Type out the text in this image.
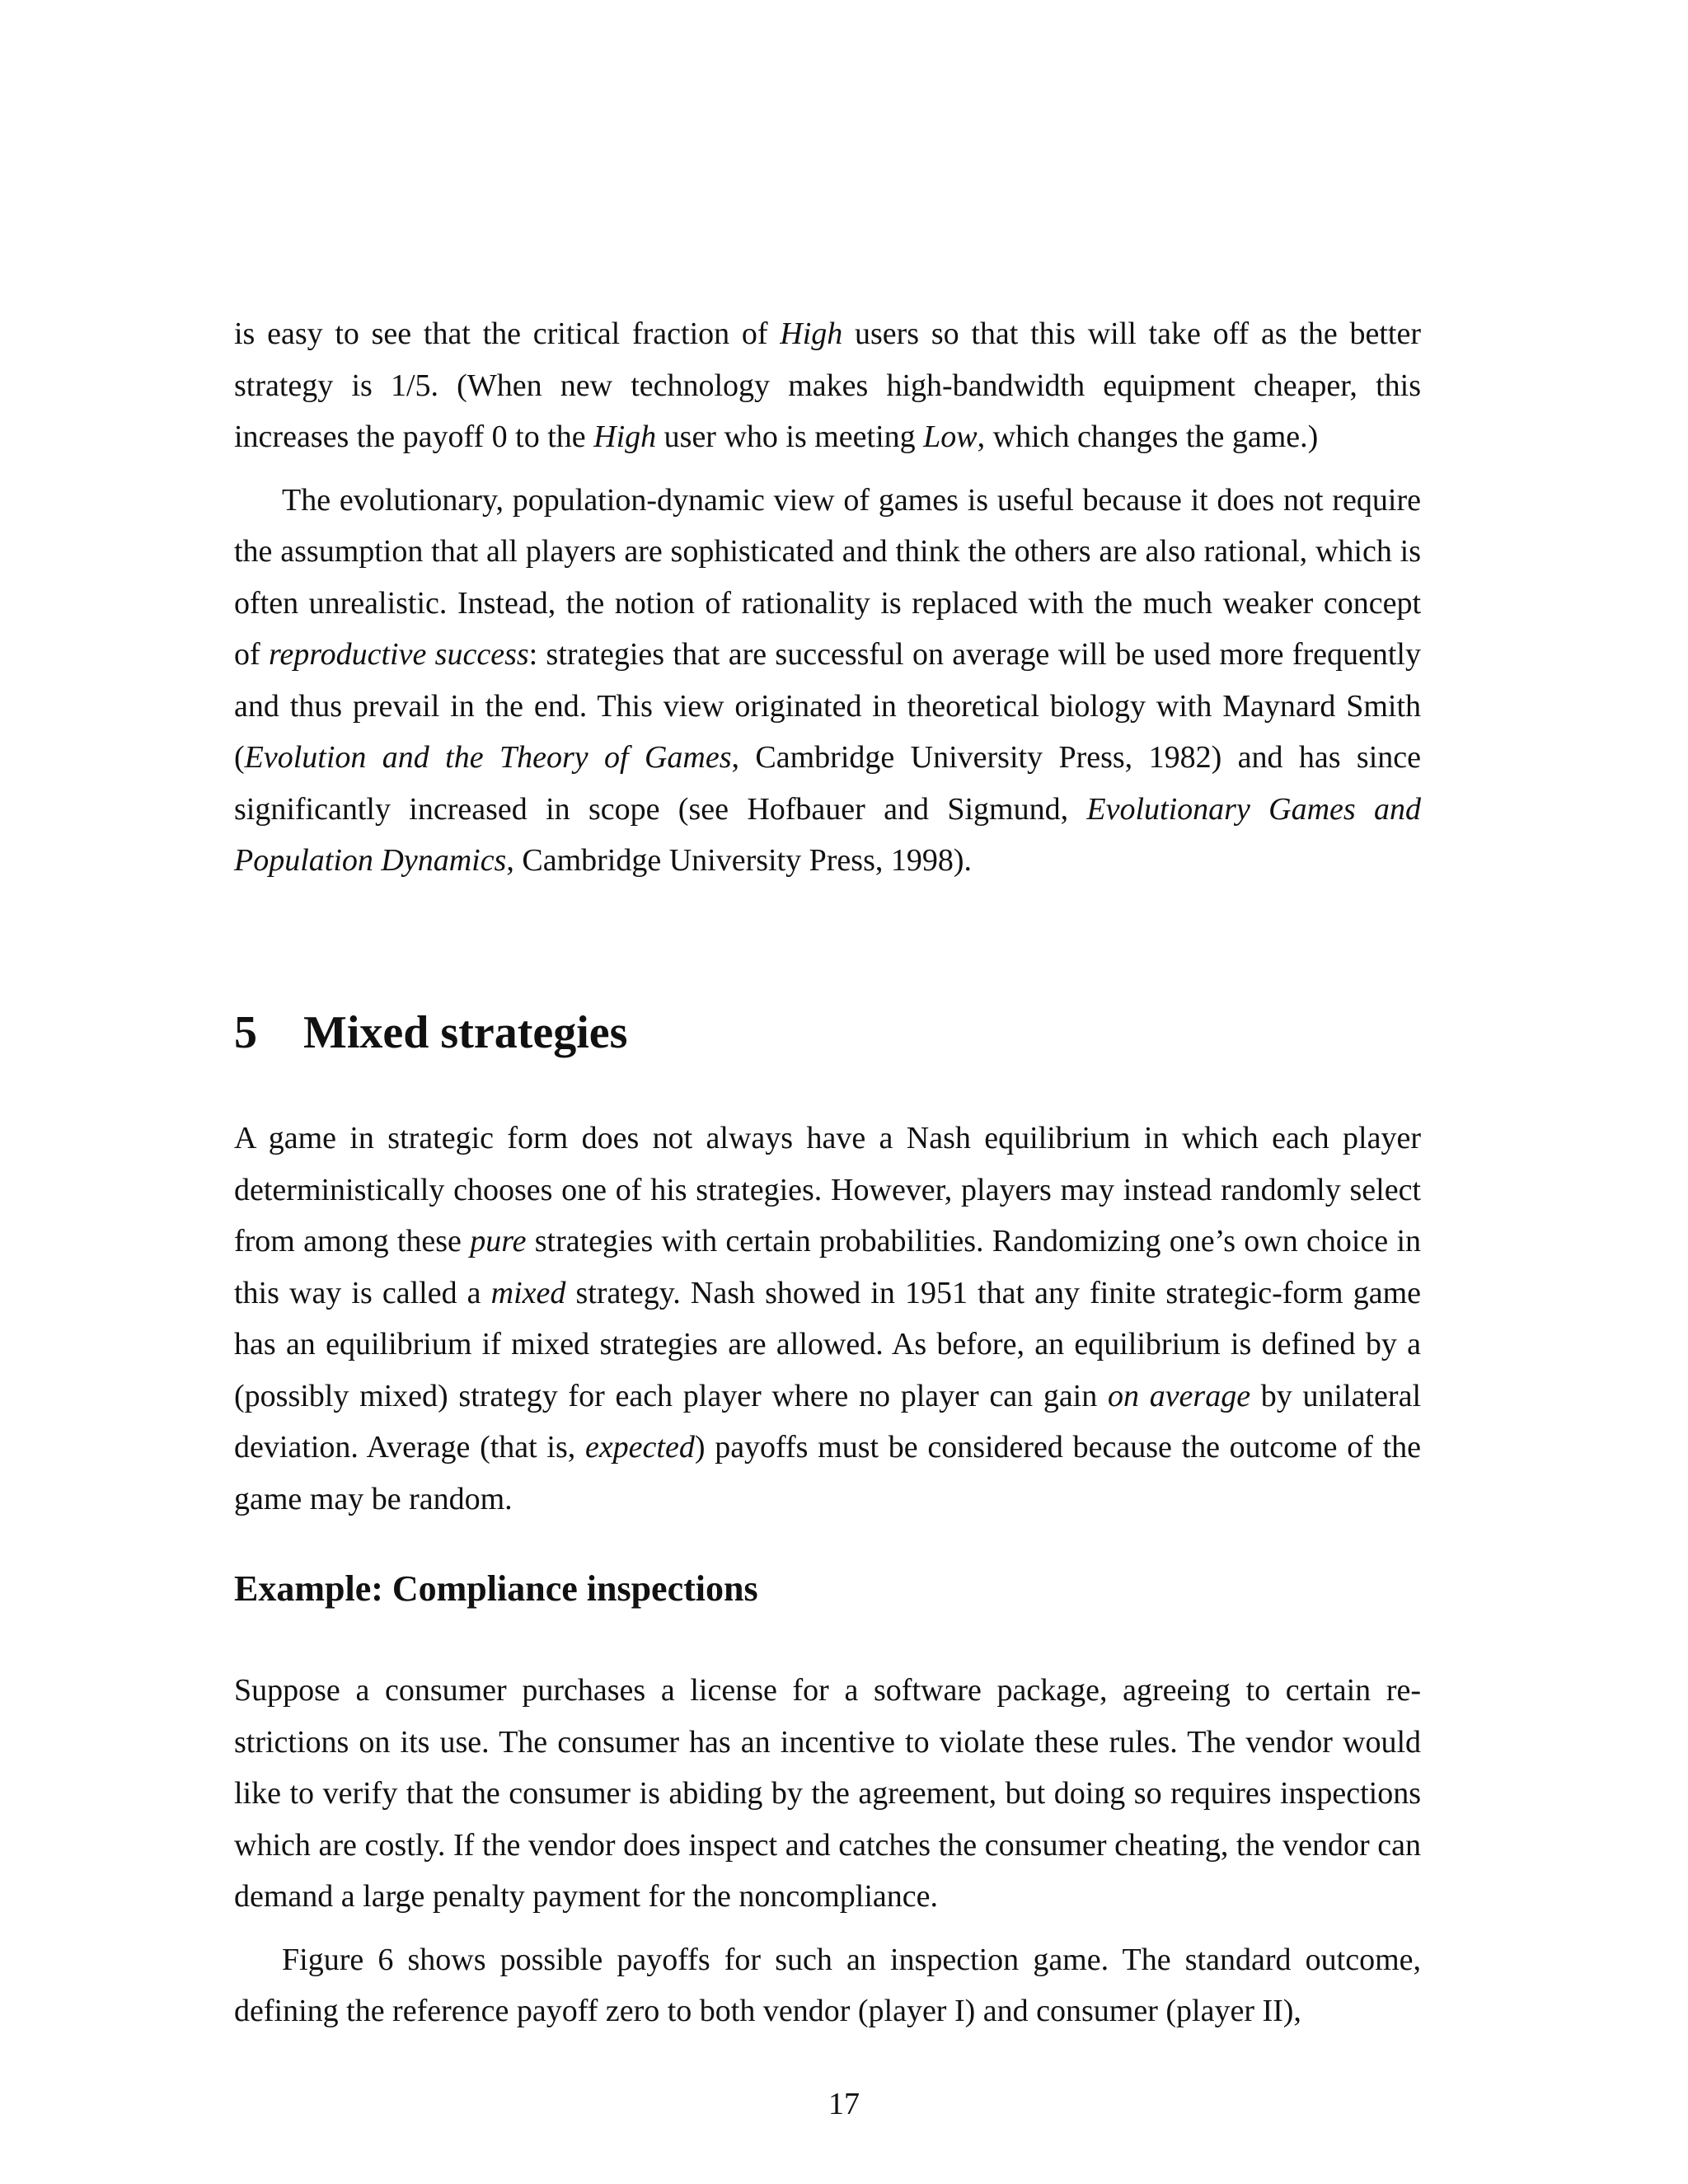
is easy to see that the critical fraction of High users so that this will take off as the better strategy is 1/5. (When new technology makes high-bandwidth equipment cheaper, this increases the payoff 0 to the High user who is meeting Low, which changes the game.)

The evolutionary, population-dynamic view of games is useful because it does not require the assumption that all players are sophisticated and think the others are also rational, which is often unrealistic. Instead, the notion of rationality is replaced with the much weaker concept of reproductive success: strategies that are successful on average will be used more frequently and thus prevail in the end. This view originated in theoretical biology with Maynard Smith (Evolution and the Theory of Games, Cambridge University Press, 1982) and has since significantly increased in scope (see Hofbauer and Sigmund, Evolutionary Games and Population Dynamics, Cambridge University Press, 1998).

5 Mixed strategies

A game in strategic form does not always have a Nash equilibrium in which each player deterministically chooses one of his strategies. However, players may instead randomly select from among these pure strategies with certain probabilities. Randomizing one’s own choice in this way is called a mixed strategy. Nash showed in 1951 that any finite strategic-form game has an equilibrium if mixed strategies are allowed. As before, an equilibrium is defined by a (possibly mixed) strategy for each player where no player can gain on average by unilateral deviation. Average (that is, expected) payoffs must be considered because the outcome of the game may be random.

Example: Compliance inspections

Suppose a consumer purchases a license for a software package, agreeing to certain restrictions on its use. The consumer has an incentive to violate these rules. The vendor would like to verify that the consumer is abiding by the agreement, but doing so requires inspections which are costly. If the vendor does inspect and catches the consumer cheating, the vendor can demand a large penalty payment for the noncompliance.

Figure 6 shows possible payoffs for such an inspection game. The standard outcome, defining the reference payoff zero to both vendor (player I) and consumer (player II),

17
